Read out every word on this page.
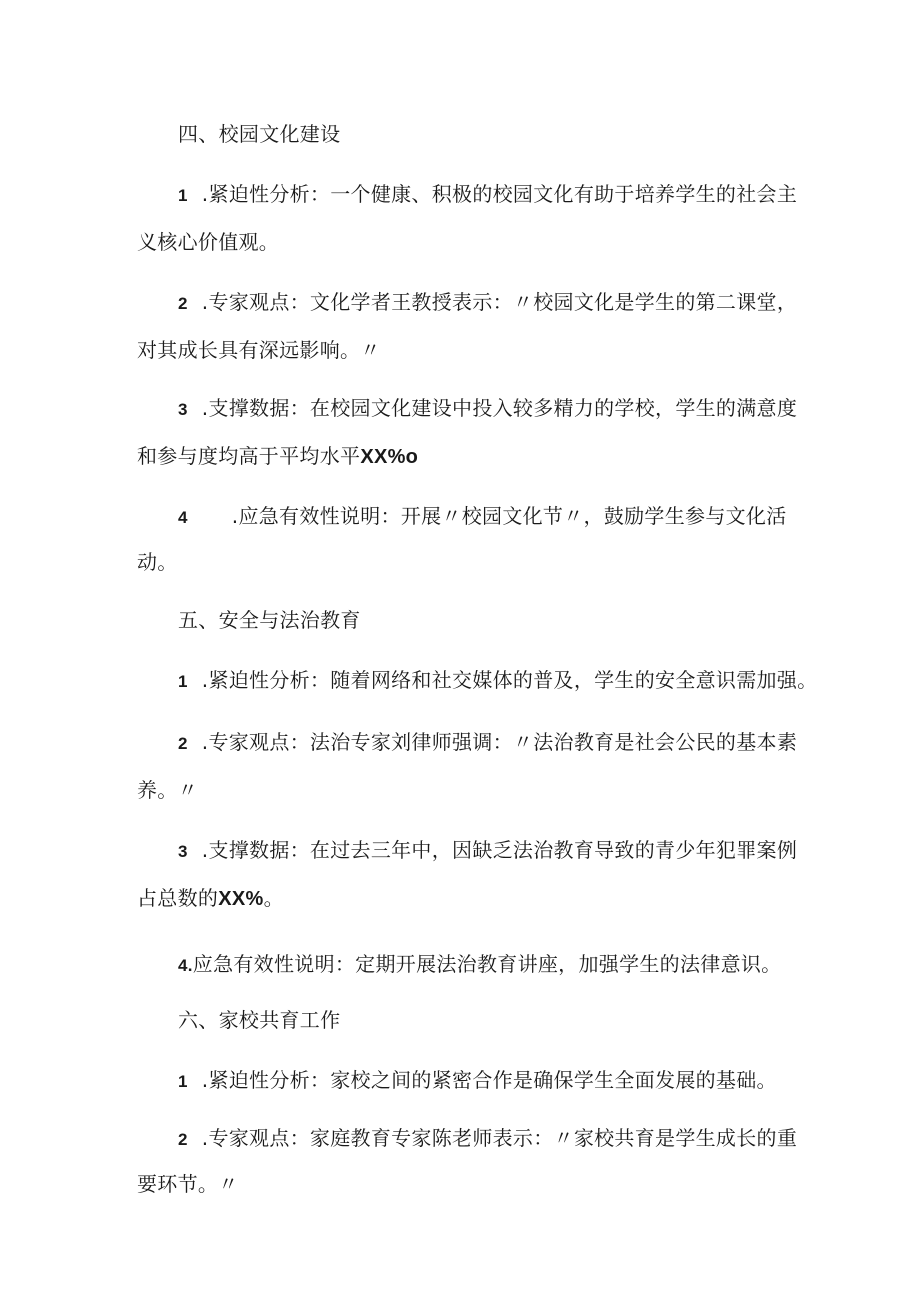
四、校园文化建设
1 .紧迫性分析：一个健康、积极的校园文化有助于培养学生的社会主
义核心价值观。
2 .专家观点：文化学者王教授表示：〃校园文化是学生的第二课堂，
对其成长具有深远影响。〃
3 .支撑数据：在校园文化建设中投入较多精力的学校，学生的满意度
和参与度均高于平均水平XX%o
4 .应急有效性说明：开展〃校园文化节〃，鼓励学生参与文化活
动。
五、安全与法治教育
1 .紧迫性分析：随着网络和社交媒体的普及，学生的安全意识需加强。
2 .专家观点：法治专家刘律师强调：〃法治教育是社会公民的基本素
养。〃
3 .支撑数据：在过去三年中，因缺乏法治教育导致的青少年犯罪案例
占总数的XX%。
4.应急有效性说明：定期开展法治教育讲座，加强学生的法律意识。
六、家校共育工作
1 .紧迫性分析：家校之间的紧密合作是确保学生全面发展的基础。
2 .专家观点：家庭教育专家陈老师表示：〃家校共育是学生成长的重
要环节。〃
